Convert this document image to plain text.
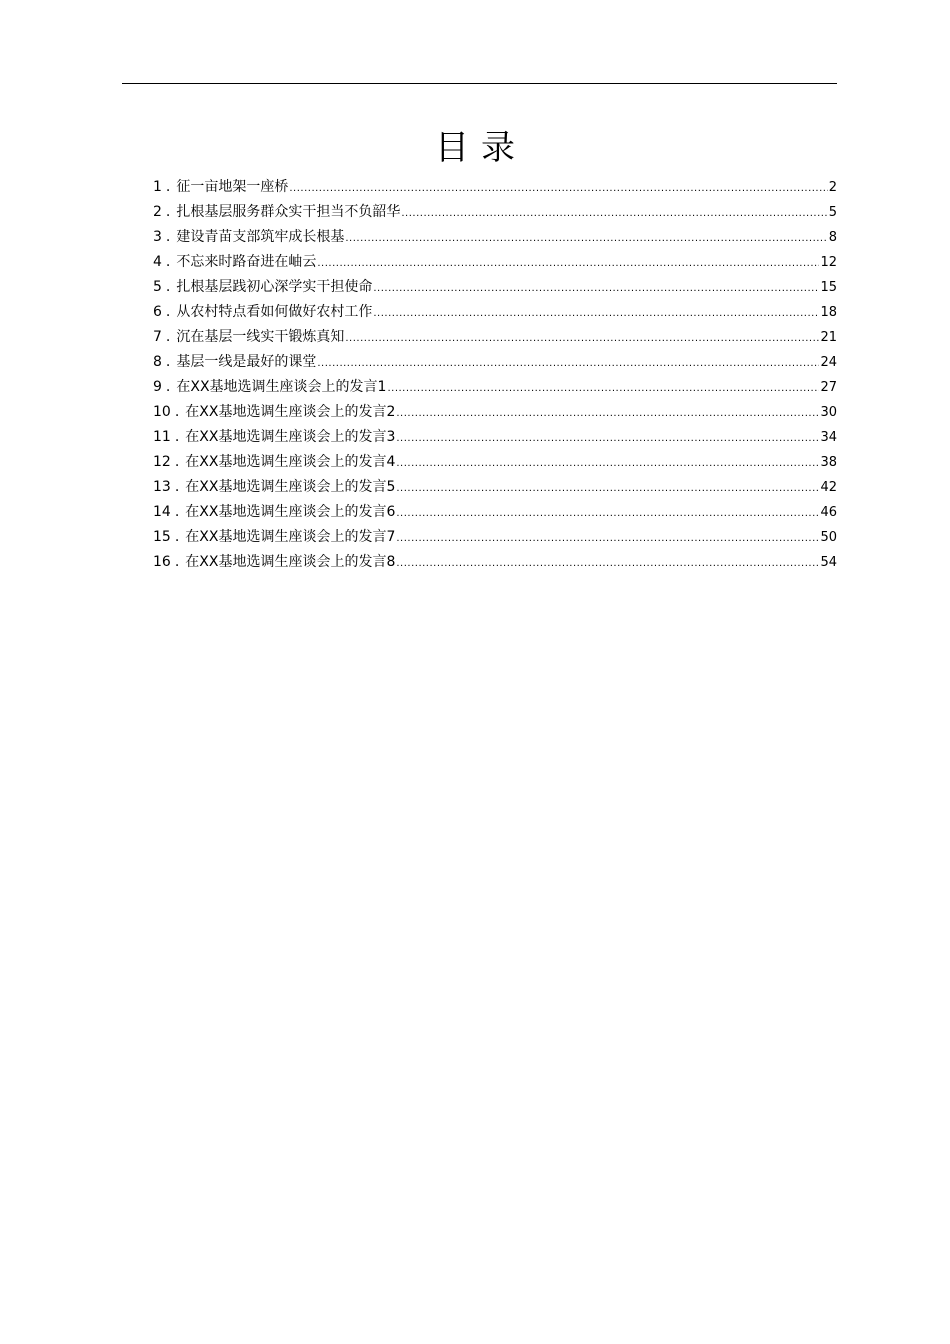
目录
1 . 征一亩地架一座桥 .....	2
2 . 扎根基层服务群众实干担当不负韶华 .....	5
3 . 建设青苗支部筑牢成长根基 .....	8
4 . 不忘来时路奋进在岫云 .....	12
5 . 扎根基层践初心深学实干担使命 .....	15
6 . 从农村特点看如何做好农村工作 .....	18
7 . 沉在基层一线实干锻炼真知 .....	21
8 . 基层一线是最好的课堂 .....	24
9 . 在XX基地选调生座谈会上的发言1 .....	27
10 . 在XX基地选调生座谈会上的发言2 .....	30
11 . 在XX基地选调生座谈会上的发言3 .....	34
12 . 在XX基地选调生座谈会上的发言4 .....	38
13 . 在XX基地选调生座谈会上的发言5 .....	42
14 . 在XX基地选调生座谈会上的发言6 .....	46
15 . 在XX基地选调生座谈会上的发言7 .....	50
16 . 在XX基地选调生座谈会上的发言8 .....	54
